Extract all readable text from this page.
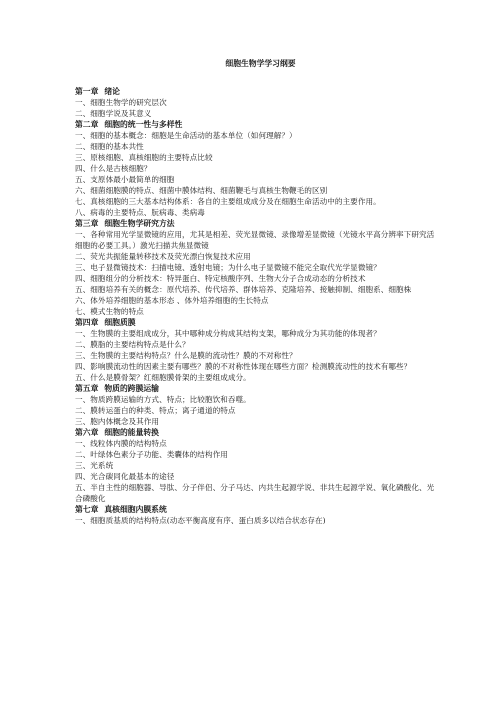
细胞生物学学习纲要
第一章 绪论
一、细胞生物学的研究层次
二、细胞学说及其意义
第二章 细胞的统一性与多样性
一、细胞的基本概念：细胞是生命活动的基本单位（如何理解？）
二、细胞的基本共性
三、原核细胞、真核细胞的主要特点比较
四、什么是古核细胞？
五、支原体最小最简单的细胞
六、细菌细胞膜的特点、细菌中膜体结构、细菌鞭毛与真核生物鞭毛的区别
七、真核细胞的三大基本结构体系：各自的主要组成成分及在细胞生命活动中的主要作用。
八、病毒的主要特点、朊病毒、类病毒
第三章 细胞生物学研究方法
一、各种常用光学显微镜的应用，尤其是相差、荧光显微镜、录像增差显微镜（光镜水平高分辨率下研究活细胞的必要工具。）激光扫描共焦显微镜
二、荧光共振能量转移技术及荧光漂白恢复技术应用
三、电子显微镜技术：扫描电镜、透射电镜；为什么电子显微镜不能完全取代光学显微镜？
四、细胞组分的分析技术：特异蛋白、特定核酸序列、生物大分子合成动态的分析技术
五、细胞培养有关的概念：原代培养、传代培养、群体培养、克隆培养、接触抑制、细胞系、细胞株
六、体外培养细胞的基本形态 、体外培养细胞的生长特点
七、模式生物的特点
第四章 细胞质膜
一、生物膜的主要组成成分，其中哪种成分构成其结构支架，哪种成分为其功能的体现者？
二、膜脂的主要结构特点是什么？
三、生物膜的主要结构特点？什么是膜的流动性？膜的不对称性？
四、影响膜流动性的因素主要有哪些？膜的不对称性体现在哪些方面？检测膜流动性的技术有哪些？
五、什么是膜骨架？红细胞膜骨架的主要组成成分。
第五章 物质的跨膜运输
一、物质跨膜运输的方式、特点；比较胞饮和吞噬。
二、膜转运蛋白的种类、特点；离子通道的特点
三、胞内体概念及其作用
第六章 细胞的能量转换
一、线粒体内膜的结构特点
二、叶绿体色素分子功能、类囊体的结构作用
三、光系统
四、光合碳同化最基本的途径
五、半自主性的细胞器、导肽、分子伴侣、分子马达、内共生起源学说、非共生起源学说、氧化磷酸化、光合磷酸化
第七章 真核细胞内膜系统
一、细胞质基质的结构特点(动态平衡高度有序、蛋白质多以结合状态存在)
